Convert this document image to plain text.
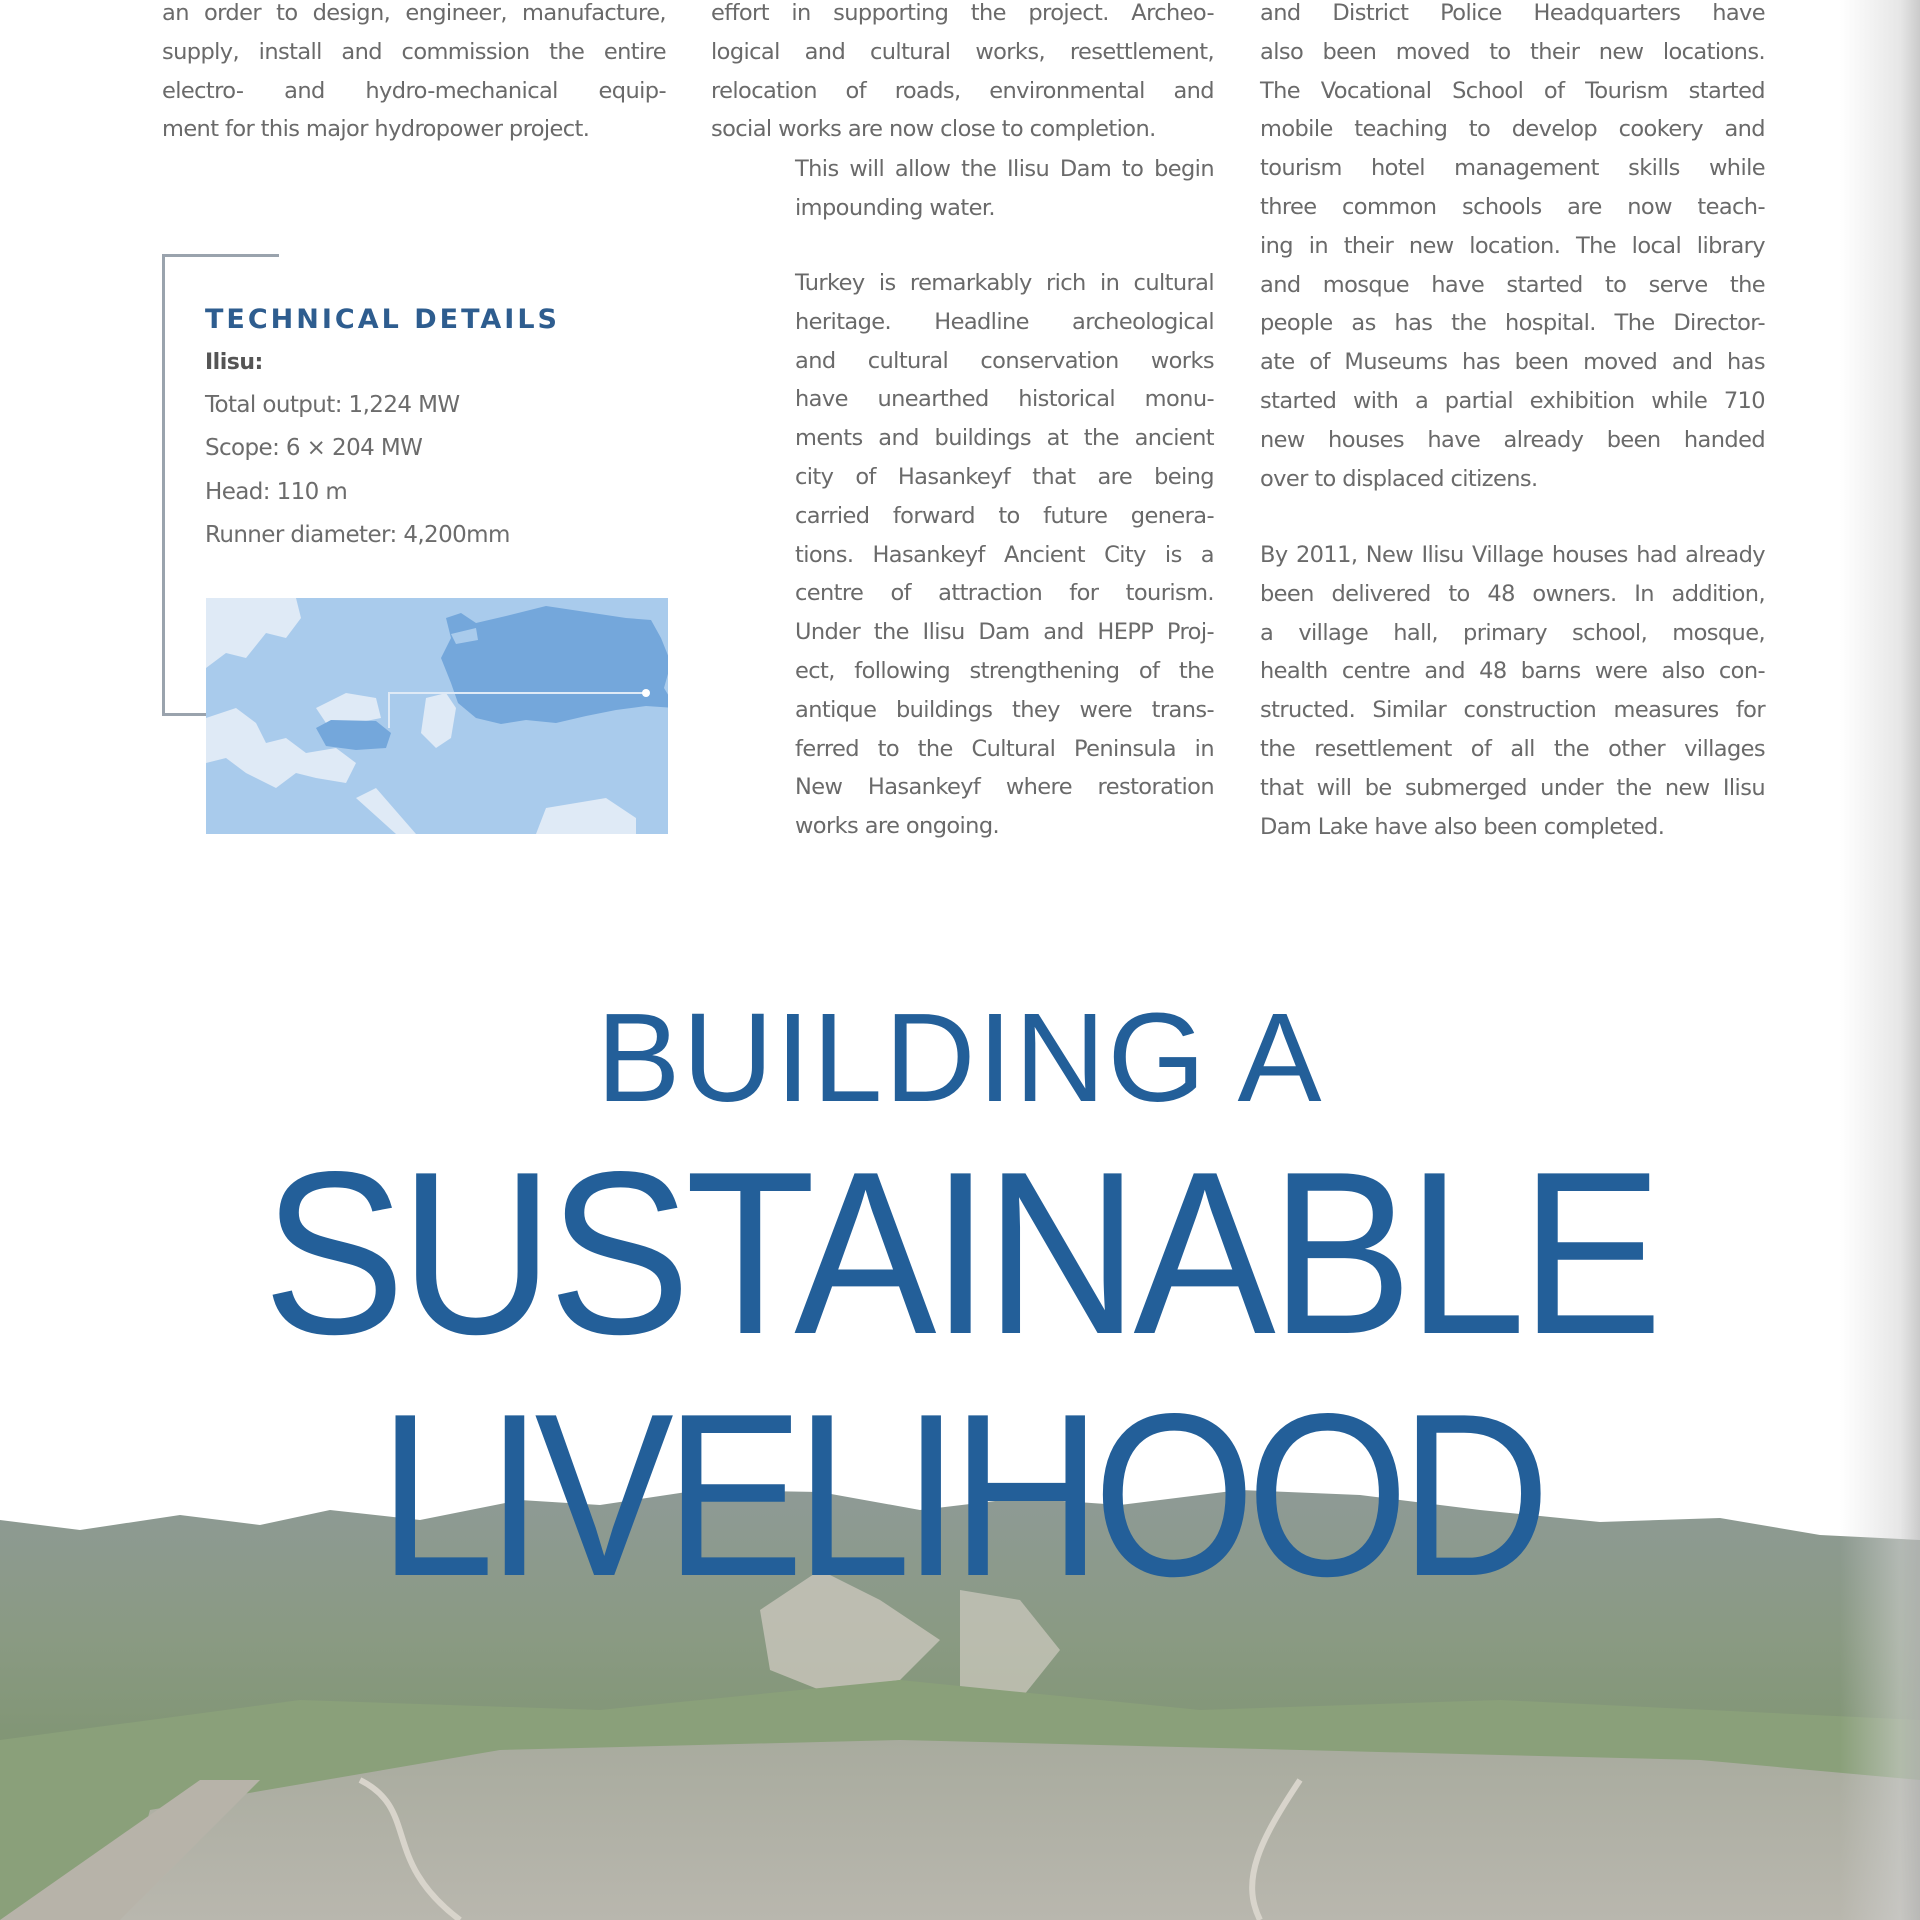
an order to design, engineer, manufacture,
supply, install and commission the entire
electro- and hydro-mechanical equip-
ment for this major hydropower project.
effort in supporting the project. Archeo-
logical and cultural works, resettlement,
relocation of roads, environmental and
social works are now close to completion.
This will allow the Ilisu Dam to begin
impounding water.
Turkey is remarkably rich in cultural
heritage. Headline archeological
and cultural conservation works
have unearthed historical monu-
ments and buildings at the ancient
city of Hasankeyf that are being
carried forward to future genera-
tions. Hasankeyf Ancient City is a
centre of attraction for tourism.
Under the Ilisu Dam and HEPP Proj-
ect, following strengthening of the
antique buildings they were trans-
ferred to the Cultural Peninsula in
New Hasankeyf where restoration
works are ongoing.
and District Police Headquarters have
also been moved to their new locations.
The Vocational School of Tourism started
mobile teaching to develop cookery and
tourism hotel management skills while
three common schools are now teach-
ing in their new location. The local library
and mosque have started to serve the
people as has the hospital. The Director-
ate of Museums has been moved and has
started with a partial exhibition while 710
new houses have already been handed
over to displaced citizens.
By 2011, New Ilisu Village houses had already
been delivered to 48 owners. In addition,
a village hall, primary school, mosque,
health centre and 48 barns were also con-
structed. Similar construction measures for
the resettlement of all the other villages
that will be submerged under the new Ilisu
Dam Lake have also been completed.
TECHNICAL DETAILS
Ilisu:
Total output: 1,224 MW
Scope: 6 × 204 MW
Head: 110 m
Runner diameter: 4,200mm
BUILDING A
SUSTAINABLE
LIVELIHOOD
